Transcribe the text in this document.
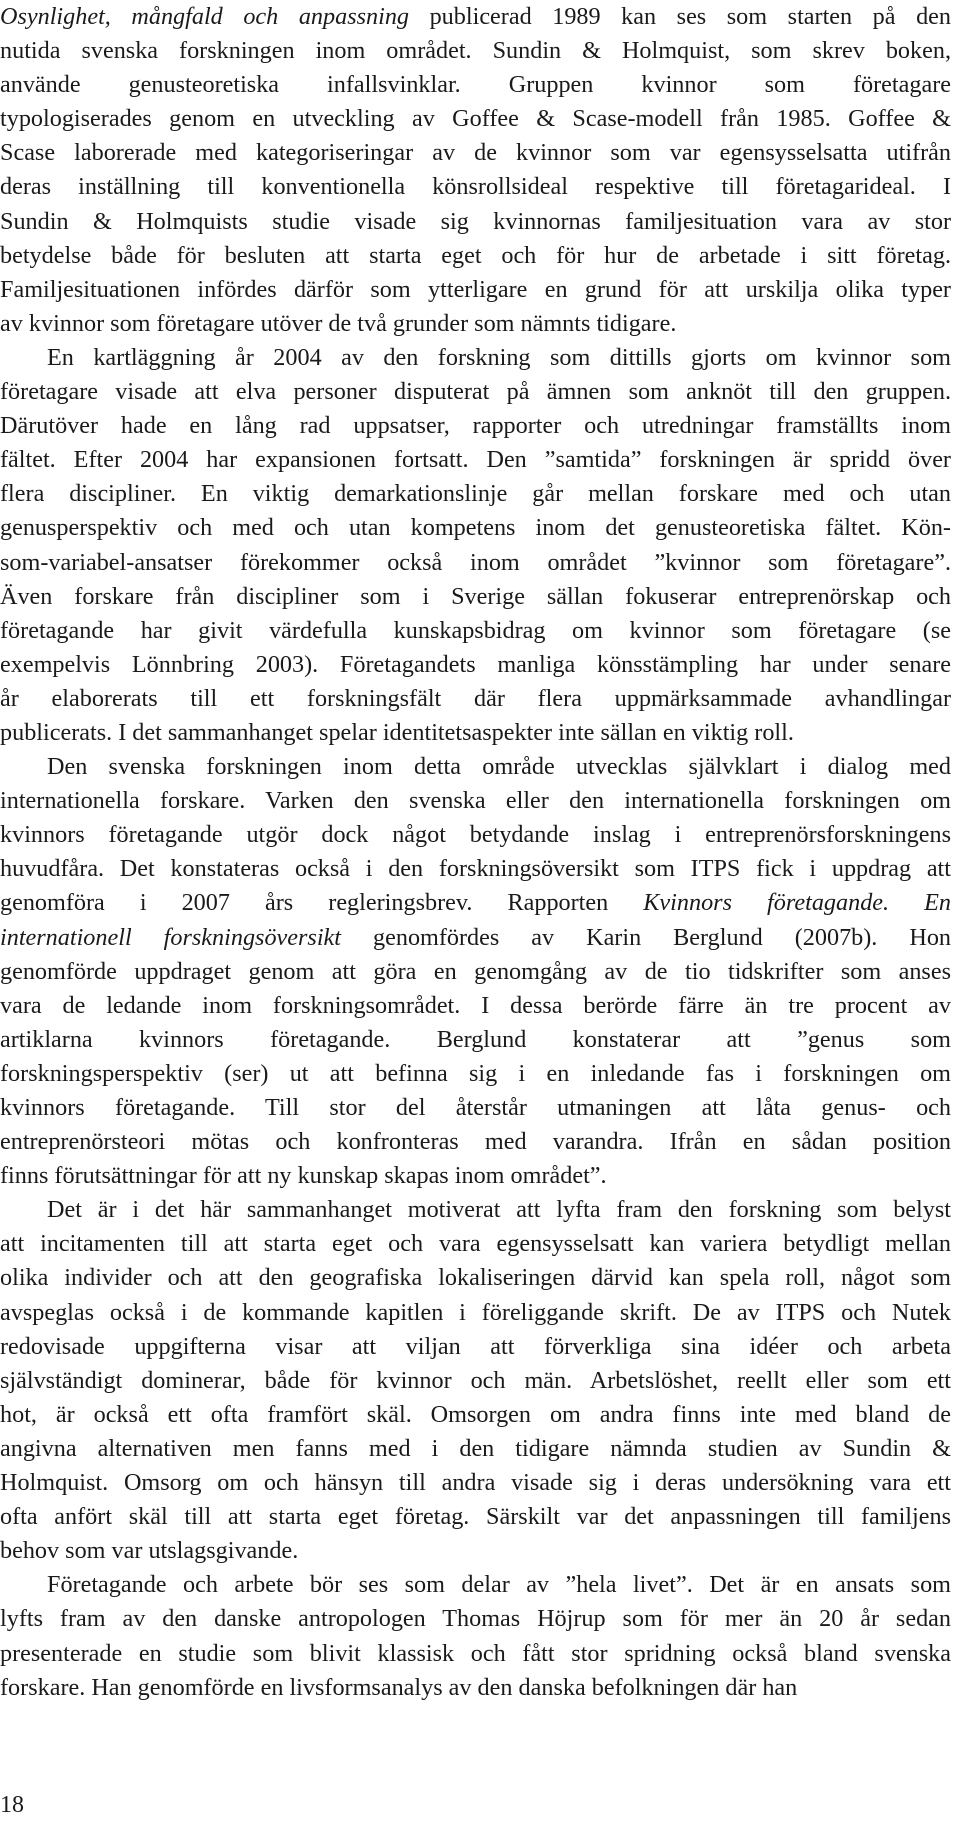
Osynlighet, mångfald och anpassning publicerad 1989 kan ses som starten på den
nutida svenska forskningen inom området. Sundin & Holmquist, som skrev boken,
använde genusteoretiska infallsvinklar. Gruppen kvinnor som företagare
typologiserades genom en utveckling av Goffee & Scase-modell från 1985. Goffee &
Scase laborerade med kategoriseringar av de kvinnor som var egensysselsatta utifrån
deras inställning till konventionella könsrollsideal respektive till företagarideal. I
Sundin & Holmquists studie visade sig kvinnornas familjesituation vara av stor
betydelse både för besluten att starta eget och för hur de arbetade i sitt företag.
Familjesituationen infördes därför som ytterligare en grund för att urskilja olika typer
av kvinnor som företagare utöver de två grunder som nämnts tidigare.
En kartläggning år 2004 av den forskning som dittills gjorts om kvinnor som
företagare visade att elva personer disputerat på ämnen som anknöt till den gruppen.
Därutöver hade en lång rad uppsatser, rapporter och utredningar framställts inom
fältet. Efter 2004 har expansionen fortsatt. Den ”samtida” forskningen är spridd över
flera discipliner. En viktig demarkationslinje går mellan forskare med och utan
genusperspektiv och med och utan kompetens inom det genusteoretiska fältet. Kön-
som-variabel-ansatser förekommer också inom området ”kvinnor som företagare”.
Även forskare från discipliner som i Sverige sällan fokuserar entreprenörskap och
företagande har givit värdefulla kunskapsbidrag om kvinnor som företagare (se
exempelvis Lönnbring 2003). Företagandets manliga könsstämpling har under senare
år elaborerats till ett forskningsfält där flera uppmärksammade avhandlingar
publicerats. I det sammanhanget spelar identitetsaspekter inte sällan en viktig roll.
Den svenska forskningen inom detta område utvecklas självklart i dialog med
internationella forskare. Varken den svenska eller den internationella forskningen om
kvinnors företagande utgör dock något betydande inslag i entreprenörsforskningens
huvudfåra. Det konstateras också i den forskningsöversikt som ITPS fick i uppdrag att
genomföra i 2007 års regleringsbrev. Rapporten Kvinnors företagande. En
internationell forskningsöversikt genomfördes av Karin Berglund (2007b). Hon
genomförde uppdraget genom att göra en genomgång av de tio tidskrifter som anses
vara de ledande inom forskningsområdet. I dessa berörde färre än tre procent av
artiklarna kvinnors företagande. Berglund konstaterar att ”genus som
forskningsperspektiv (ser) ut att befinna sig i en inledande fas i forskningen om
kvinnors företagande. Till stor del återstår utmaningen att låta genus- och
entreprenörsteori mötas och konfronteras med varandra. Ifrån en sådan position
finns förutsättningar för att ny kunskap skapas inom området”.
Det är i det här sammanhanget motiverat att lyfta fram den forskning som belyst
att incitamenten till att starta eget och vara egensysselsatt kan variera betydligt mellan
olika individer och att den geografiska lokaliseringen därvid kan spela roll, något som
avspeglas också i de kommande kapitlen i föreliggande skrift. De av ITPS och Nutek
redovisade uppgifterna visar att viljan att förverkliga sina idéer och arbeta
självständigt dominerar, både för kvinnor och män. Arbetslöshet, reellt eller som ett
hot, är också ett ofta framfört skäl. Omsorgen om andra finns inte med bland de
angivna alternativen men fanns med i den tidigare nämnda studien av Sundin &
Holmquist. Omsorg om och hänsyn till andra visade sig i deras undersökning vara ett
ofta anfört skäl till att starta eget företag. Särskilt var det anpassningen till familjens
behov som var utslagsgivande.
Företagande och arbete bör ses som delar av ”hela livet”. Det är en ansats som
lyfts fram av den danske antropologen Thomas Höjrup som för mer än 20 år sedan
presenterade en studie som blivit klassisk och fått stor spridning också bland svenska
forskare. Han genomförde en livsformsanalys av den danska befolkningen där han
18
